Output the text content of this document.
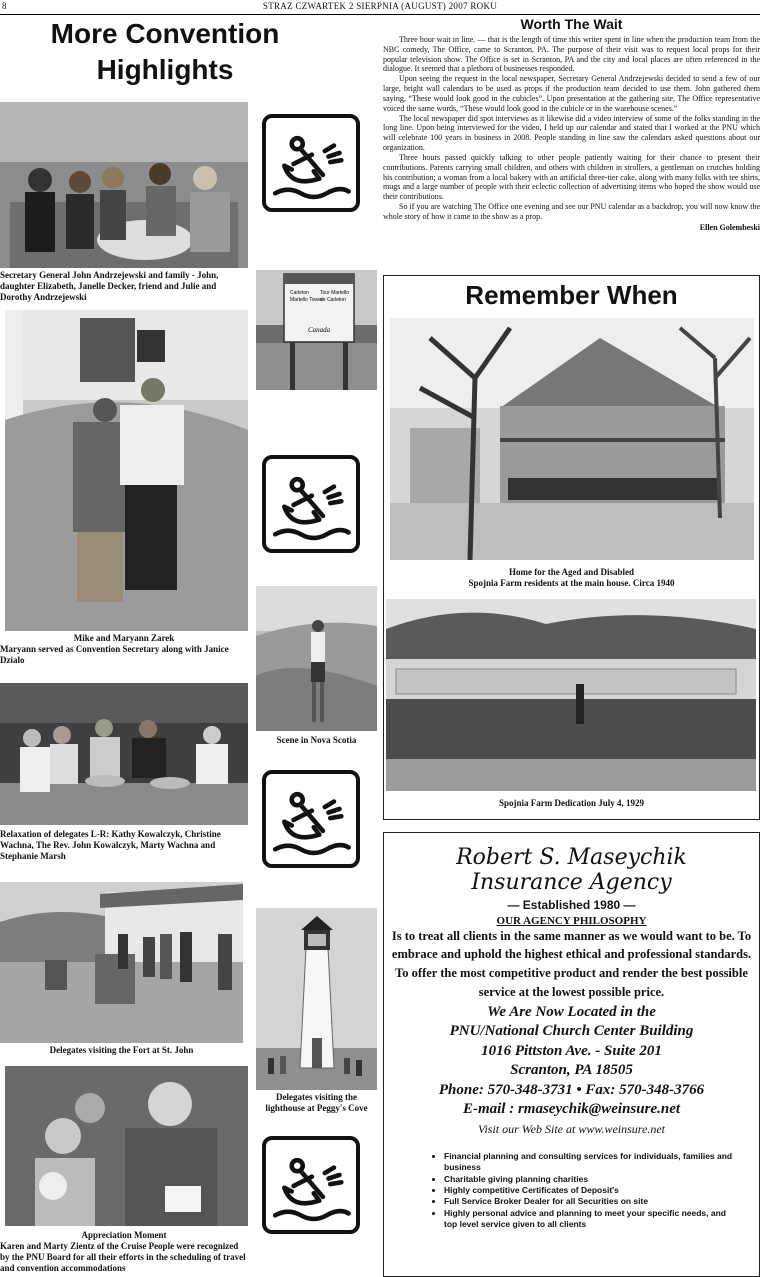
8	STRAZ CZWARTEK 2 SIERPNIA (AUGUST) 2007 ROKU
More Convention
Highlights
Secretary General John Andrzejewski and family - John, daughter Elizabeth, Janelle Decker, friend and Julie and Dorothy Andrzejewski
Mike and Maryann Zarek
Maryann served as Convention Secretary along with Janice Dzialo
Relaxation of delegates L-R: Kathy Kowalczyk, Christine Wachna, The Rev. John Kowalczyk, Marty Wachna and Stephanie Marsh
Delegates visiting the Fort at St. John
Appreciation Moment
Karen and Marty Zientz of the Cruise People were recognized by the PNU Board for all their efforts in the scheduling of travel and convention accommodations
Carleton
Martello Tower
Tour Martello
de Carleton
Canada
Scene in Nova Scotia
Delegates visiting the lighthouse at Peggy's Cove
Worth The Wait

Three hour wait in line. — that is the length of time this writer spent in line when the production team from the NBC comedy, The Office, came to Scranton, PA. The purpose of their visit was to request local props for their popular television show. The Office is set in Scranton, PA and the city and local places are often referenced in the dialogue. It seemed that a plethora of businesses responded.

Upon seeing the request in the local newspaper, Secretary General Andrzejewski decided to send a few of our large, bright wall calendars to be used as props if the production team decided to use them. John gathered them saying, “These would look good in the cubicles”. Upon presentation at the gathering site, The Office representative voiced the same words, “These would look good in the cubicle or in the warehouse scenes.”

The local newspaper did spot interviews as it likewise did a video interview of some of the folks standing in the long line. Upon being interviewed for the video, I held up our calendar and stated that I worked at the PNU which will celebrate 100 years in business in 2008. People standing in line saw the calendars asked questions about our organization.

Three hours passed quickly talking to other people patiently waiting for their chance to present their contributions. Parents carrying small children, and others with children in strollers, a gentleman on crutches holding his contribution; a woman from a local bakery with an artificial three-tier cake, along with many folks with tee shirts, mugs and a large number of people with their eclectic collection of advertising items who hoped the show would use their contributions.

So if you are watching The Office one evening and see our PNU calendar as a backdrop, you will now know the whole story of how it came to the show as a prop.

Ellen Golembeski
Remember When
Home for the Aged and Disabled
Spojnia Farm residents at the main house. Circa 1940
Spojnia Farm Dedication July 4, 1929
Robert S. Maseychik
Insurance Agency
— Established 1980 —
OUR AGENCY PHILOSOPHY
Is to treat all clients in the same manner as we would want to be. To embrace and uphold the highest ethical and professional standards. To offer the most competitive product and render the best possible service at the lowest possible price.
We Are Now Located in the
PNU/National Church Center Building
1016 Pittston Ave. - Suite 201
Scranton, PA 18505
Phone: 570-348-3731 • Fax: 570-348-3766
E-mail : rmaseychik@weinsure.net
Visit our Web Site at www.weinsure.net
• Financial planning and consulting services for individuals, families and business
• Charitable giving planning charities
• Highly competitive Certificates of Deposit's
• Full Service Broker Dealer for all Securities on site
• Highly personal advice and planning to meet your specific needs, and top level service given to all clients
